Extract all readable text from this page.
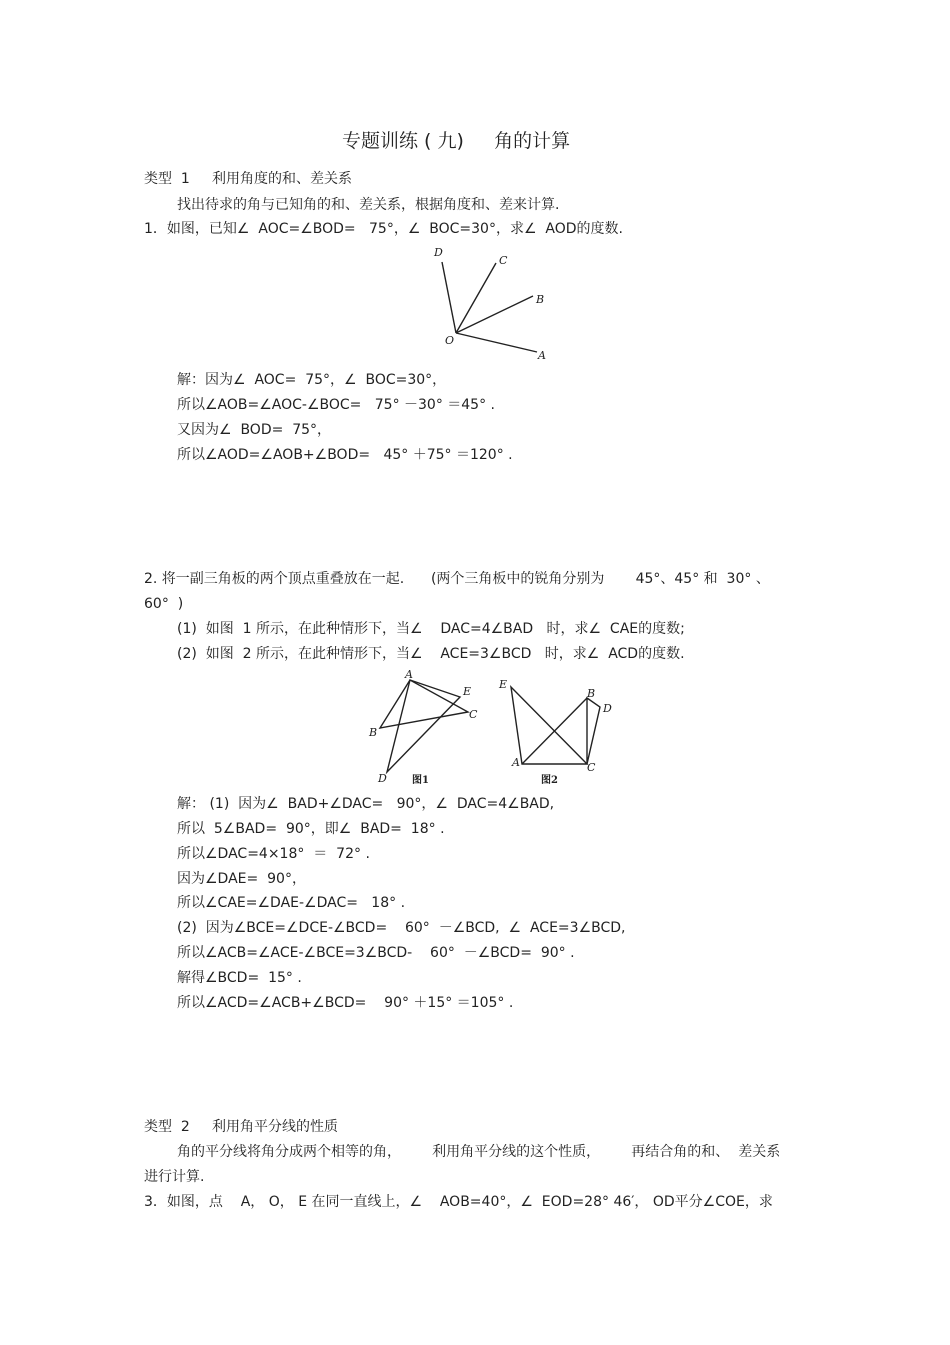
专题训练 ( 九)     角的计算
类型  1     利用角度的和、差关系
找出待求的角与已知角的和、差关系，根据角度和、差来计算.
1．如图，已知∠  AOC=∠BOD=   75°，∠  BOC=30°，求∠  AOD的度数.
D
C
B
O
A
解：因为∠  AOC=  75°，∠  BOC=30°，
所以∠AOB=∠AOC-∠BOC=   75° －30° ＝45° .
又因为∠  BOD=  75°，
所以∠AOD=∠AOB+∠BOD=   45° ＋75° ＝120° .
2. 将一副三角板的两个顶点重叠放在一起.      (两个三角板中的锐角分别为       45°、45° 和  30° 、
60°  )
(1)  如图  1 所示，在此种情形下，当∠    DAC=4∠BAD   时，求∠  CAE的度数;
(2)  如图  2 所示，在此种情形下，当∠    ACE=3∠BCD   时，求∠  ACD的度数.
A
E
C
B
D	图1
E
B
D
A	C
图2
解： (1)  因为∠  BAD+∠DAC=   90°，∠  DAC=4∠BAD,
所以  5∠BAD=  90°，即∠  BAD=  18° .
所以∠DAC=4×18°  ＝  72° .
因为∠DAE=  90°，
所以∠CAE=∠DAE-∠DAC=   18° .
(2)  因为∠BCE=∠DCE-∠BCD=    60°  －∠BCD,  ∠  ACE=3∠BCD,
所以∠ACB=∠ACE-∠BCE=3∠BCD-    60°  －∠BCD=  90° .
解得∠BCD=  15° .
所以∠ACD=∠ACB+∠BCD=    90° ＋15° ＝105° .
类型  2     利用角平分线的性质
角的平分线将角分成两个相等的角，       利用角平分线的这个性质，       再结合角的和、  差关系
进行计算.
3．如图，点    A， O， E 在同一直线上，∠    AOB=40°，∠  EOD=28° 46′， OD平分∠COE，求
